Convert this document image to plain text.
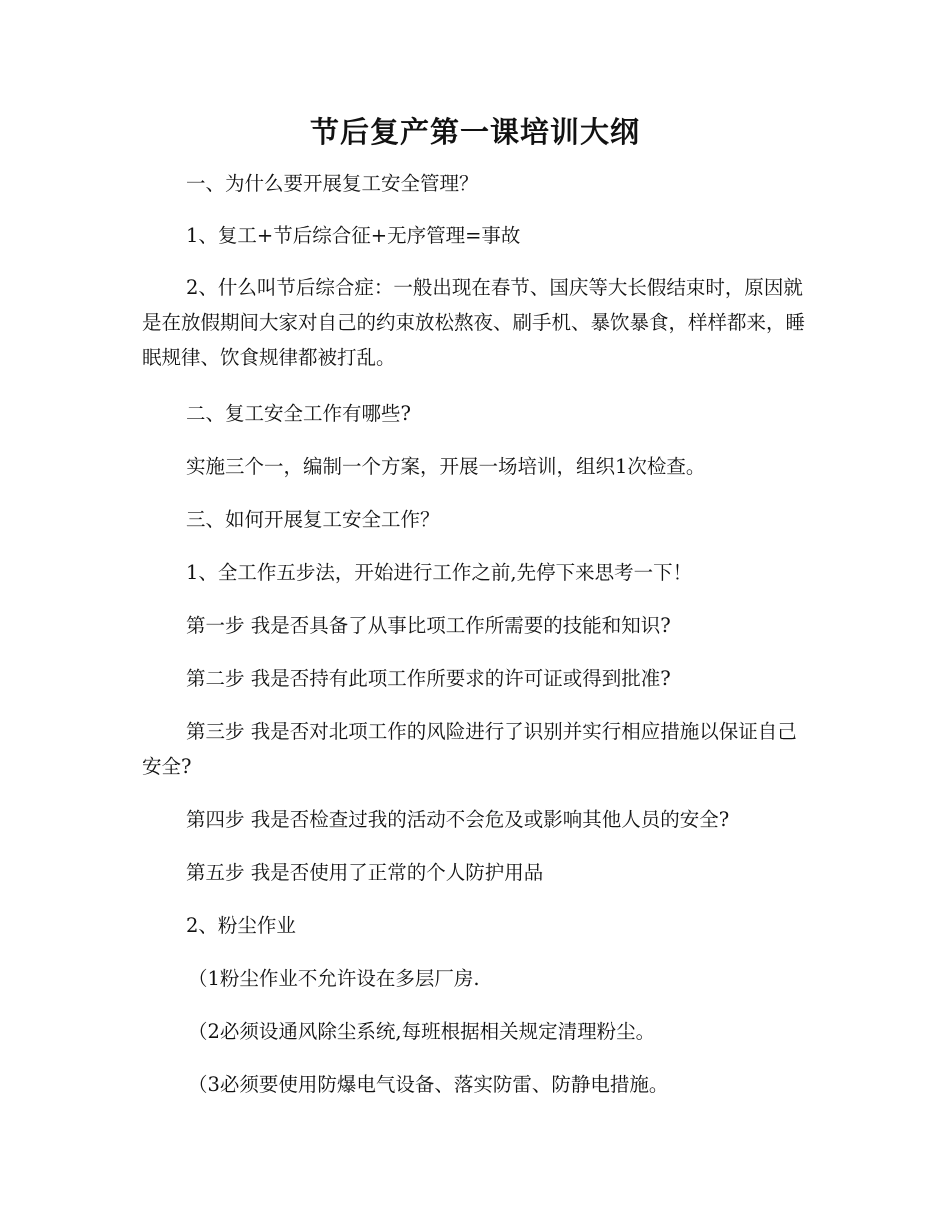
节后复产第一课培训大纲
一、为什么要开展复工安全管理？
1、复工+节后综合征+无序管理=事故
2、什么叫节后综合症：一般出现在春节、国庆等大长假结束时，原因就是在放假期间大家对自己的约束放松熬夜、刷手机、暴饮暴食，样样都来，睡眠规律、饮食规律都被打乱。
二、复工安全工作有哪些?
实施三个一，编制一个方案，开展一场培训，组织1次检查。
三、如何开展复工安全工作？
1、全工作五步法，开始进行工作之前,先停下来思考一下！
第一步 我是否具备了从事比项工作所需要的技能和知识?
第二步 我是否持有此项工作所要求的许可证或得到批准?
第三步 我是否对北项工作的风险进行了识别并实行相应措施以保证自己安全?
第四步 我是否检查过我的活动不会危及或影响其他人员的安全?
第五步 我是否使用了正常的个人防护用品
2、粉尘作业
（1粉尘作业不允许设在多层厂房.
（2必须设通风除尘系统,每班根据相关规定清理粉尘。
（3必须要使用防爆电气设备、落实防雷、防静电措施。
